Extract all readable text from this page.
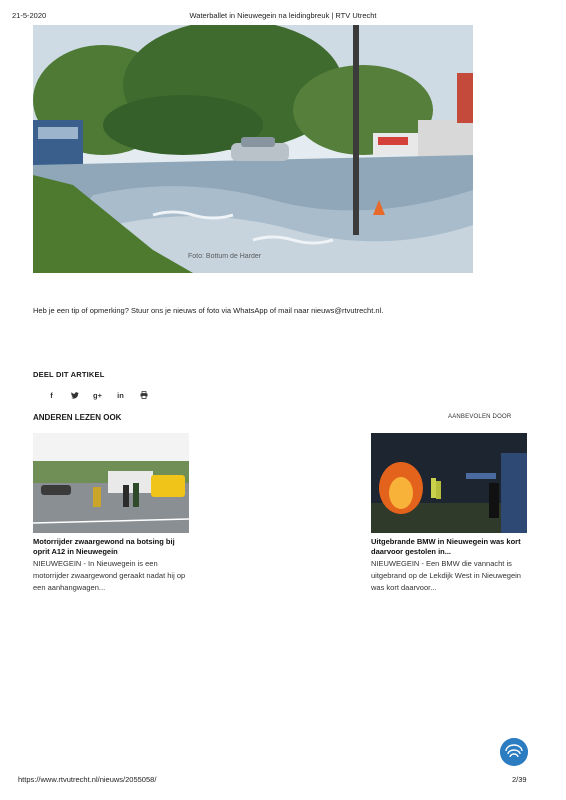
21-5-2020	Waterballet in Nieuwegein na leidingbreuk | RTV Utrecht
Foto: Bottum de Harder
Heb je een tip of opmerking? Stuur ons je nieuws of foto via WhatsApp of mail naar nieuws@rtvutrecht.nl.
DEEL DIT ARTIKEL
f	g+	in
ANDEREN LEZEN OOK	AANBEVOLEN DOOR
Motorrijder zwaargewond na botsing bij oprit A12 in Nieuwegein
NIEUWEGEIN - In Nieuwegein is een motorrijder zwaargewond geraakt nadat hij op een aanhangwagen...
Uitgebrande BMW in Nieuwegein was kort daarvoor gestolen in...
NIEUWEGEIN - Een BMW die vannacht is uitgebrand op de Lekdijk West in Nieuwegein was kort daarvoor...
https://www.rtvutrecht.nl/nieuws/2055058/	2/39
